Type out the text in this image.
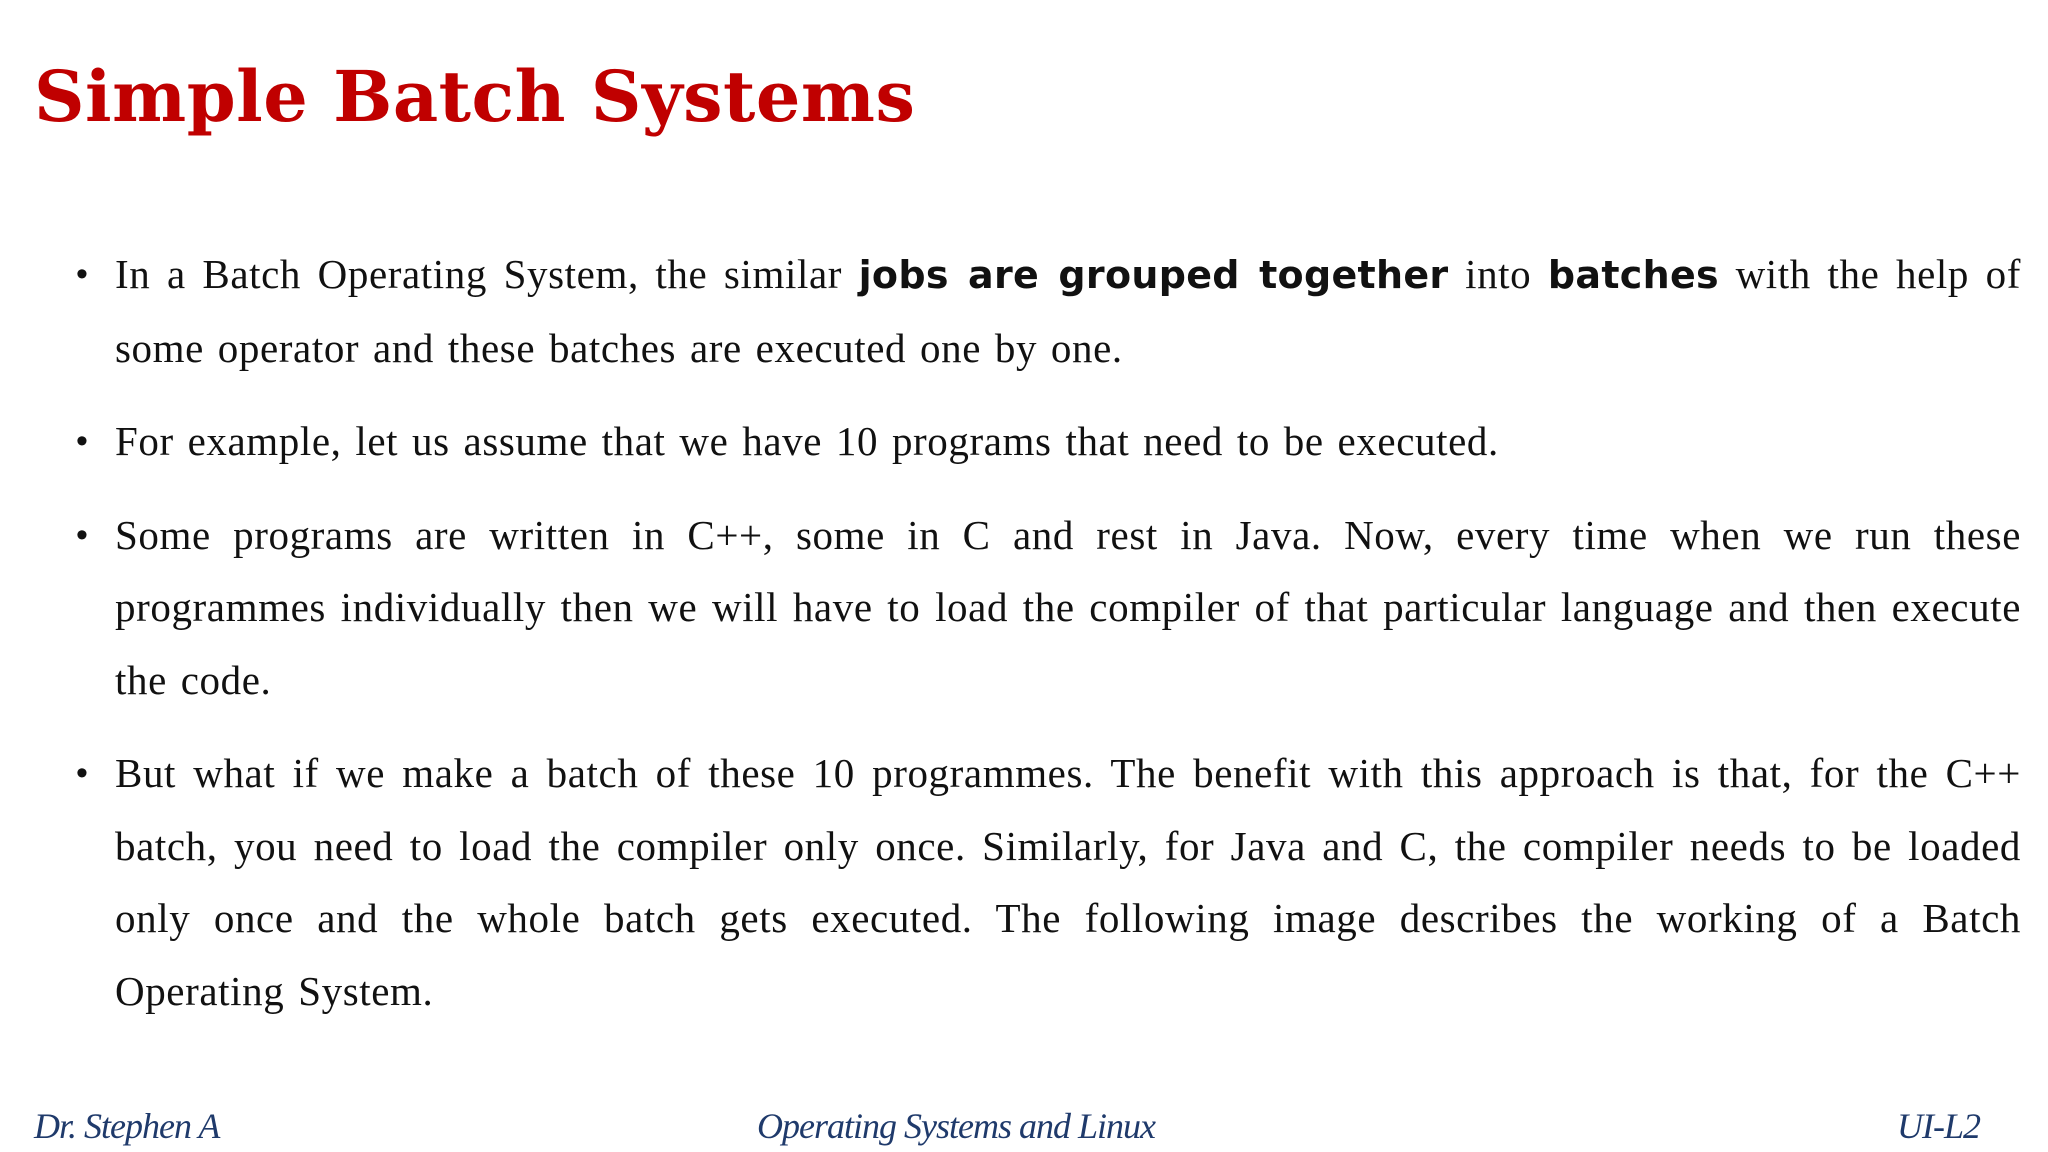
Simple Batch Systems
• In a Batch Operating System, the similar jobs are grouped together into batches with the help of some operator and these batches are executed one by one.
• For example, let us assume that we have 10 programs that need to be executed.
• Some programs are written in C++, some in C and rest in Java. Now, every time when we run these programmes individually then we will have to load the compiler of that particular language and then execute the code.
• But what if we make a batch of these 10 programmes. The benefit with this approach is that, for the C++ batch, you need to load the compiler only once. Similarly, for Java and C, the compiler needs to be loaded only once and the whole batch gets executed. The following image describes the working of a Batch Operating System.
Dr. Stephen A	Operating Systems and Linux	UI-L2
